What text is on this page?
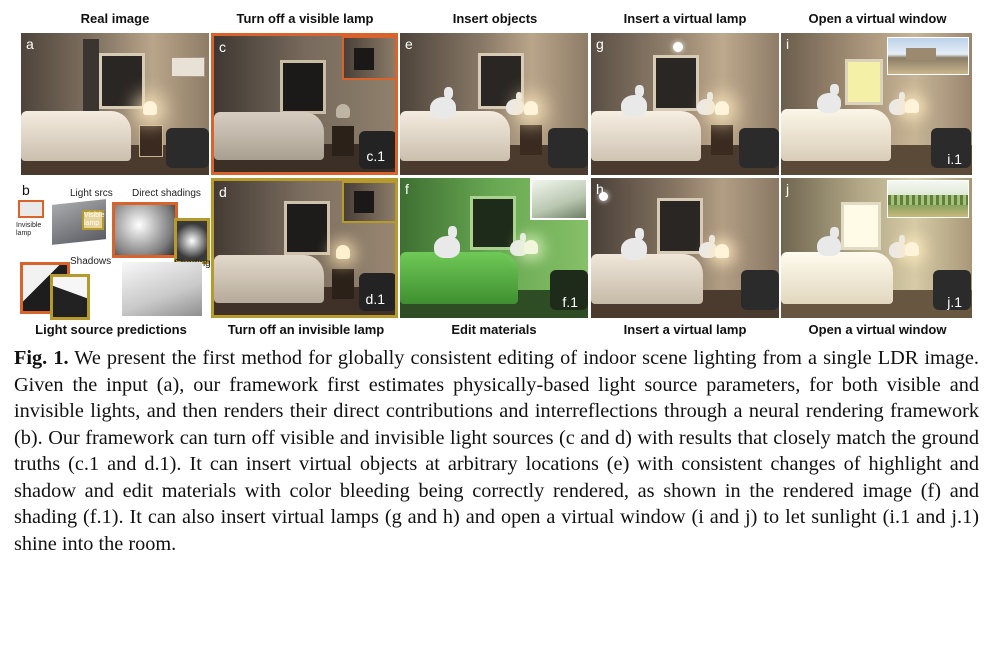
Real image	Turn off a visible lamp	Insert objects	Insert a virtual lamp	Open a virtual window
a	c
c.1
e	g	i
i.1
b	Light srcs Direct shadings
Invisible lamp
Visible lamp
Shadows
d
d.1
f
f.1
h	j
j.1
Light source predictions	Turn off an invisible lamp	Edit materials	Insert a virtual lamp	Open a virtual window
Fig. 1. We present the first method for globally consistent editing of indoor scene lighting from a single LDR image. Given the input (a), our framework first estimates physically-based light source parameters, for both visible and invisible lights, and then renders their direct contributions and interreflections through a neural rendering framework (b). Our framework can turn off visible and invisible light sources (c and d) with results that closely match the ground truths (c.1 and d.1). It can insert virtual objects at arbitrary locations (e) with consistent changes of highlight and shadow and edit materials with color bleeding being correctly rendered, as shown in the rendered image (f) and shading (f.1). It can also insert virtual lamps (g and h) and open a virtual window (i and j) to let sunlight (i.1 and j.1) shine into the room.
